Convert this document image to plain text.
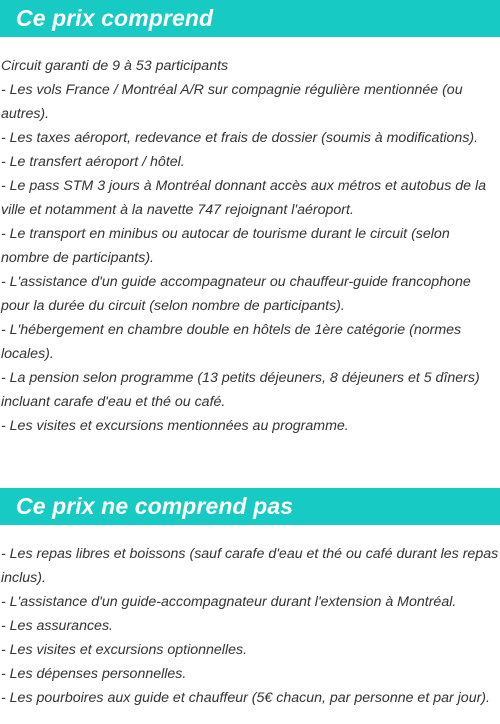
Ce prix comprend
Circuit garanti de 9 à 53 participants
- Les vols France / Montréal A/R sur compagnie régulière mentionnée (ou autres).
- Les taxes aéroport, redevance et frais de dossier (soumis à modifications).
- Le transfert aéroport / hôtel.
- Le pass STM 3 jours à Montréal donnant accès aux métros et autobus de la ville et notamment à la navette 747 rejoignant l'aéroport.
- Le transport en minibus ou autocar de tourisme durant le circuit (selon nombre de participants).
- L'assistance d'un guide accompagnateur ou chauffeur-guide francophone pour la durée du circuit (selon nombre de participants).
- L'hébergement en chambre double en hôtels de 1ère catégorie (normes locales).
- La pension selon programme (13 petits déjeuners, 8 déjeuners et 5 dîners) incluant carafe d'eau et thé ou café.
- Les visites et excursions mentionnées au programme.
Ce prix ne comprend pas
- Les repas libres et boissons (sauf carafe d'eau et thé ou café durant les repas inclus).
- L'assistance d'un guide-accompagnateur durant l'extension à Montréal.
- Les assurances.
- Les visites et excursions optionnelles.
- Les dépenses personnelles.
- Les pourboires aux guide et chauffeur (5€ chacun, par personne et par jour).
